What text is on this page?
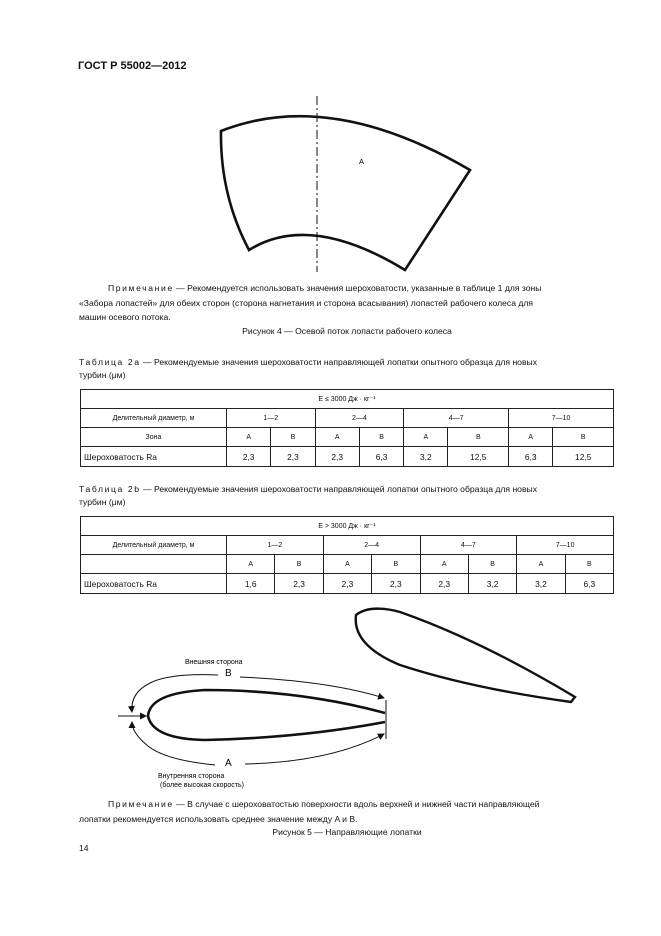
ГОСТ Р 55002—2012
A
Примечание — Рекомендуется использовать значения шероховатости, указанные в таблице 1 для зоны
«Забора лопастей» для обеих сторон (сторона нагнетания и сторона всасывания) лопастей рабочего колеса для
машин осевого потока.
Рисунок 4 — Осевой поток лопасти рабочего колеса
Таблица 2a — Рекомендуемые значения шероховатости направляющей лопатки опытного образца для новых
турбин (μм)
E ≤ 3000 Дж · кг⁻¹								
Делительный диаметр, м	1—2		2—4		4—7		7—10	
Зона	A	B	A	B	A	B	A	B
Шероховатость Ra	2,3	2,3	2,3	6,3	3,2	12,5	6,3	12,5
Таблица 2b — Рекомендуемые значения шероховатости направляющей лопатки опытного образца для новых
турбин (μм)
E > 3000 Дж · кг⁻¹								
Делительный диаметр, м	1—2		2—4		4—7		7—10	
	A	B	A	B	A	B	A	B
Шероховатость Ra	1,6	2,3	2,3	2,3	2,3	3,2	3,2	6,3
Внешняя сторона
B
A
Внутренняя сторона
(более высокая скорость)
Примечание — В случае с шероховатостью поверхности вдоль верхней и нижней части направляющей
лопатки рекомендуется использовать среднее значение между A и B.
Рисунок 5 — Направляющие лопатки
14
